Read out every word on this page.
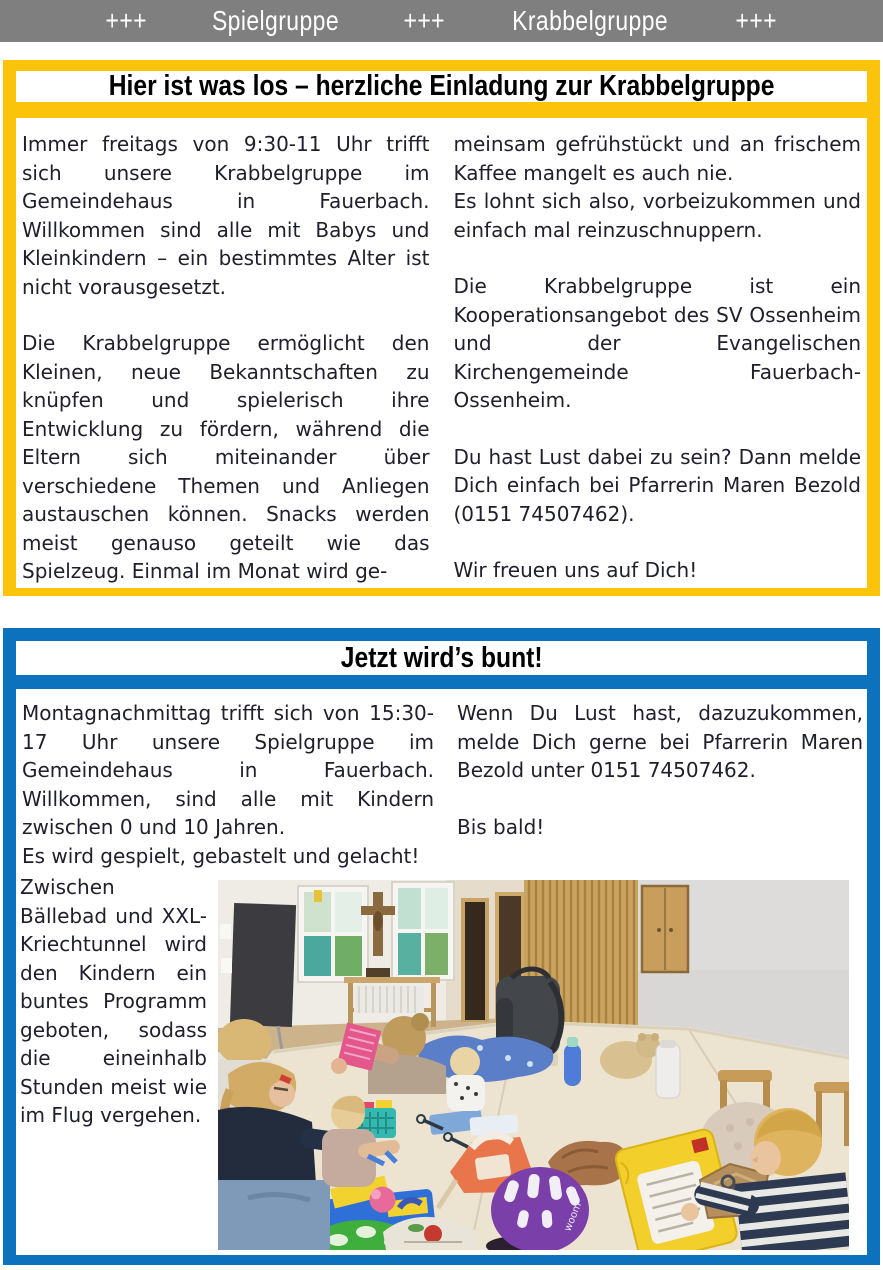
+++ Spielgruppe +++ Krabbelgruppe +++
Hier ist was los – herzliche Einladung zur Krabbelgruppe

Immer freitags von 9:30-11 Uhr trifft sich unsere Krabbelgruppe im Gemeindehaus in Fauerbach. Willkommen sind alle mit Babys und Kleinkindern – ein bestimmtes Alter ist nicht vorausgesetzt.

Die Krabbelgruppe ermöglicht den Kleinen, neue Bekanntschaften zu knüpfen und spielerisch ihre Entwicklung zu fördern, während die Eltern sich miteinander über verschiedene Themen und Anliegen austauschen können. Snacks werden meist genauso geteilt wie das Spielzeug. Einmal im Monat wird ge-

meinsam gefrühstückt und an frischem Kaffee mangelt es auch nie.

Es lohnt sich also, vorbeizukommen und einfach mal reinzuschnuppern.

Die Krabbelgruppe ist ein Kooperationsangebot des SV Ossenheim und der Evangelischen Kirchengemeinde Fauerbach-Ossenheim.

Du hast Lust dabei zu sein? Dann melde Dich einfach bei Pfarrerin Maren Bezold (0151 74507462).

Wir freuen uns auf Dich!

Jetzt wird’s bunt!

Montagnachmittag trifft sich von 15:30-17 Uhr unsere Spielgruppe im Gemeindehaus in Fauerbach. Willkommen, sind alle mit Kindern zwischen 0 und 10 Jahren.

Es wird gespielt, gebastelt und gelacht!

Wenn Du Lust hast, dazuzukommen, melde Dich gerne bei Pfarrerin Maren Bezold unter 0151 74507462.

Bis bald!

Zwischen Bällebad und XXL-Kriechtunnel wird den Kindern ein buntes Programm geboten, sodass die eineinhalb Stunden meist wie im Flug vergehen.

woom
